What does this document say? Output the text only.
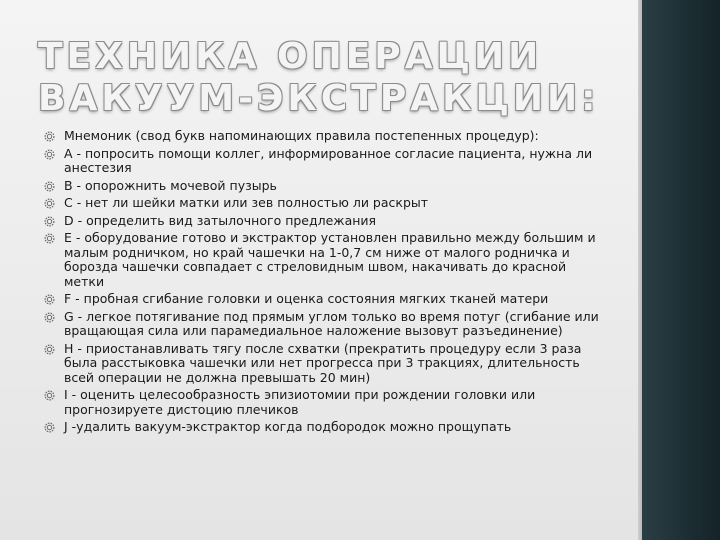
ТЕХНИКА ОПЕРАЦИИ ВАКУУМ-ЭКСТРАКЦИИ:
Мнемоник (свод букв напоминающих правила постепенных процедур):
А - попросить помощи коллег, информированное согласие пациента, нужна ли анестезия
B - опорожнить мочевой пузырь
C - нет ли шейки матки или зев полностью ли раскрыт
D - определить вид затылочного предлежания
E - оборудование готово и экстрактор установлен правильно между большим и малым родничком, но край чашечки на 1-0,7 см ниже от малого родничка и борозда чашечки совпадает с стреловидным швом, накачивать до красной метки
F - пробная сгибание головки и оценка состояния мягких тканей матери
G - легкое потягивание под прямым углом только во время потуг (сгибание или вращающая сила или парамедиальное наложение вызовут разъединение)
H - приостанавливать тягу после схватки (прекратить процедуру если 3 раза была расстыковка чашечки или нет прогресса при 3 тракциях, длительность всей операции не должна превышать 20 мин)
I - оценить целесообразность эпизиотомии при рождении головки или прогнозируете дистоцию плечиков
J -удалить вакуум-экстрактор когда подбородок можно прощупать
